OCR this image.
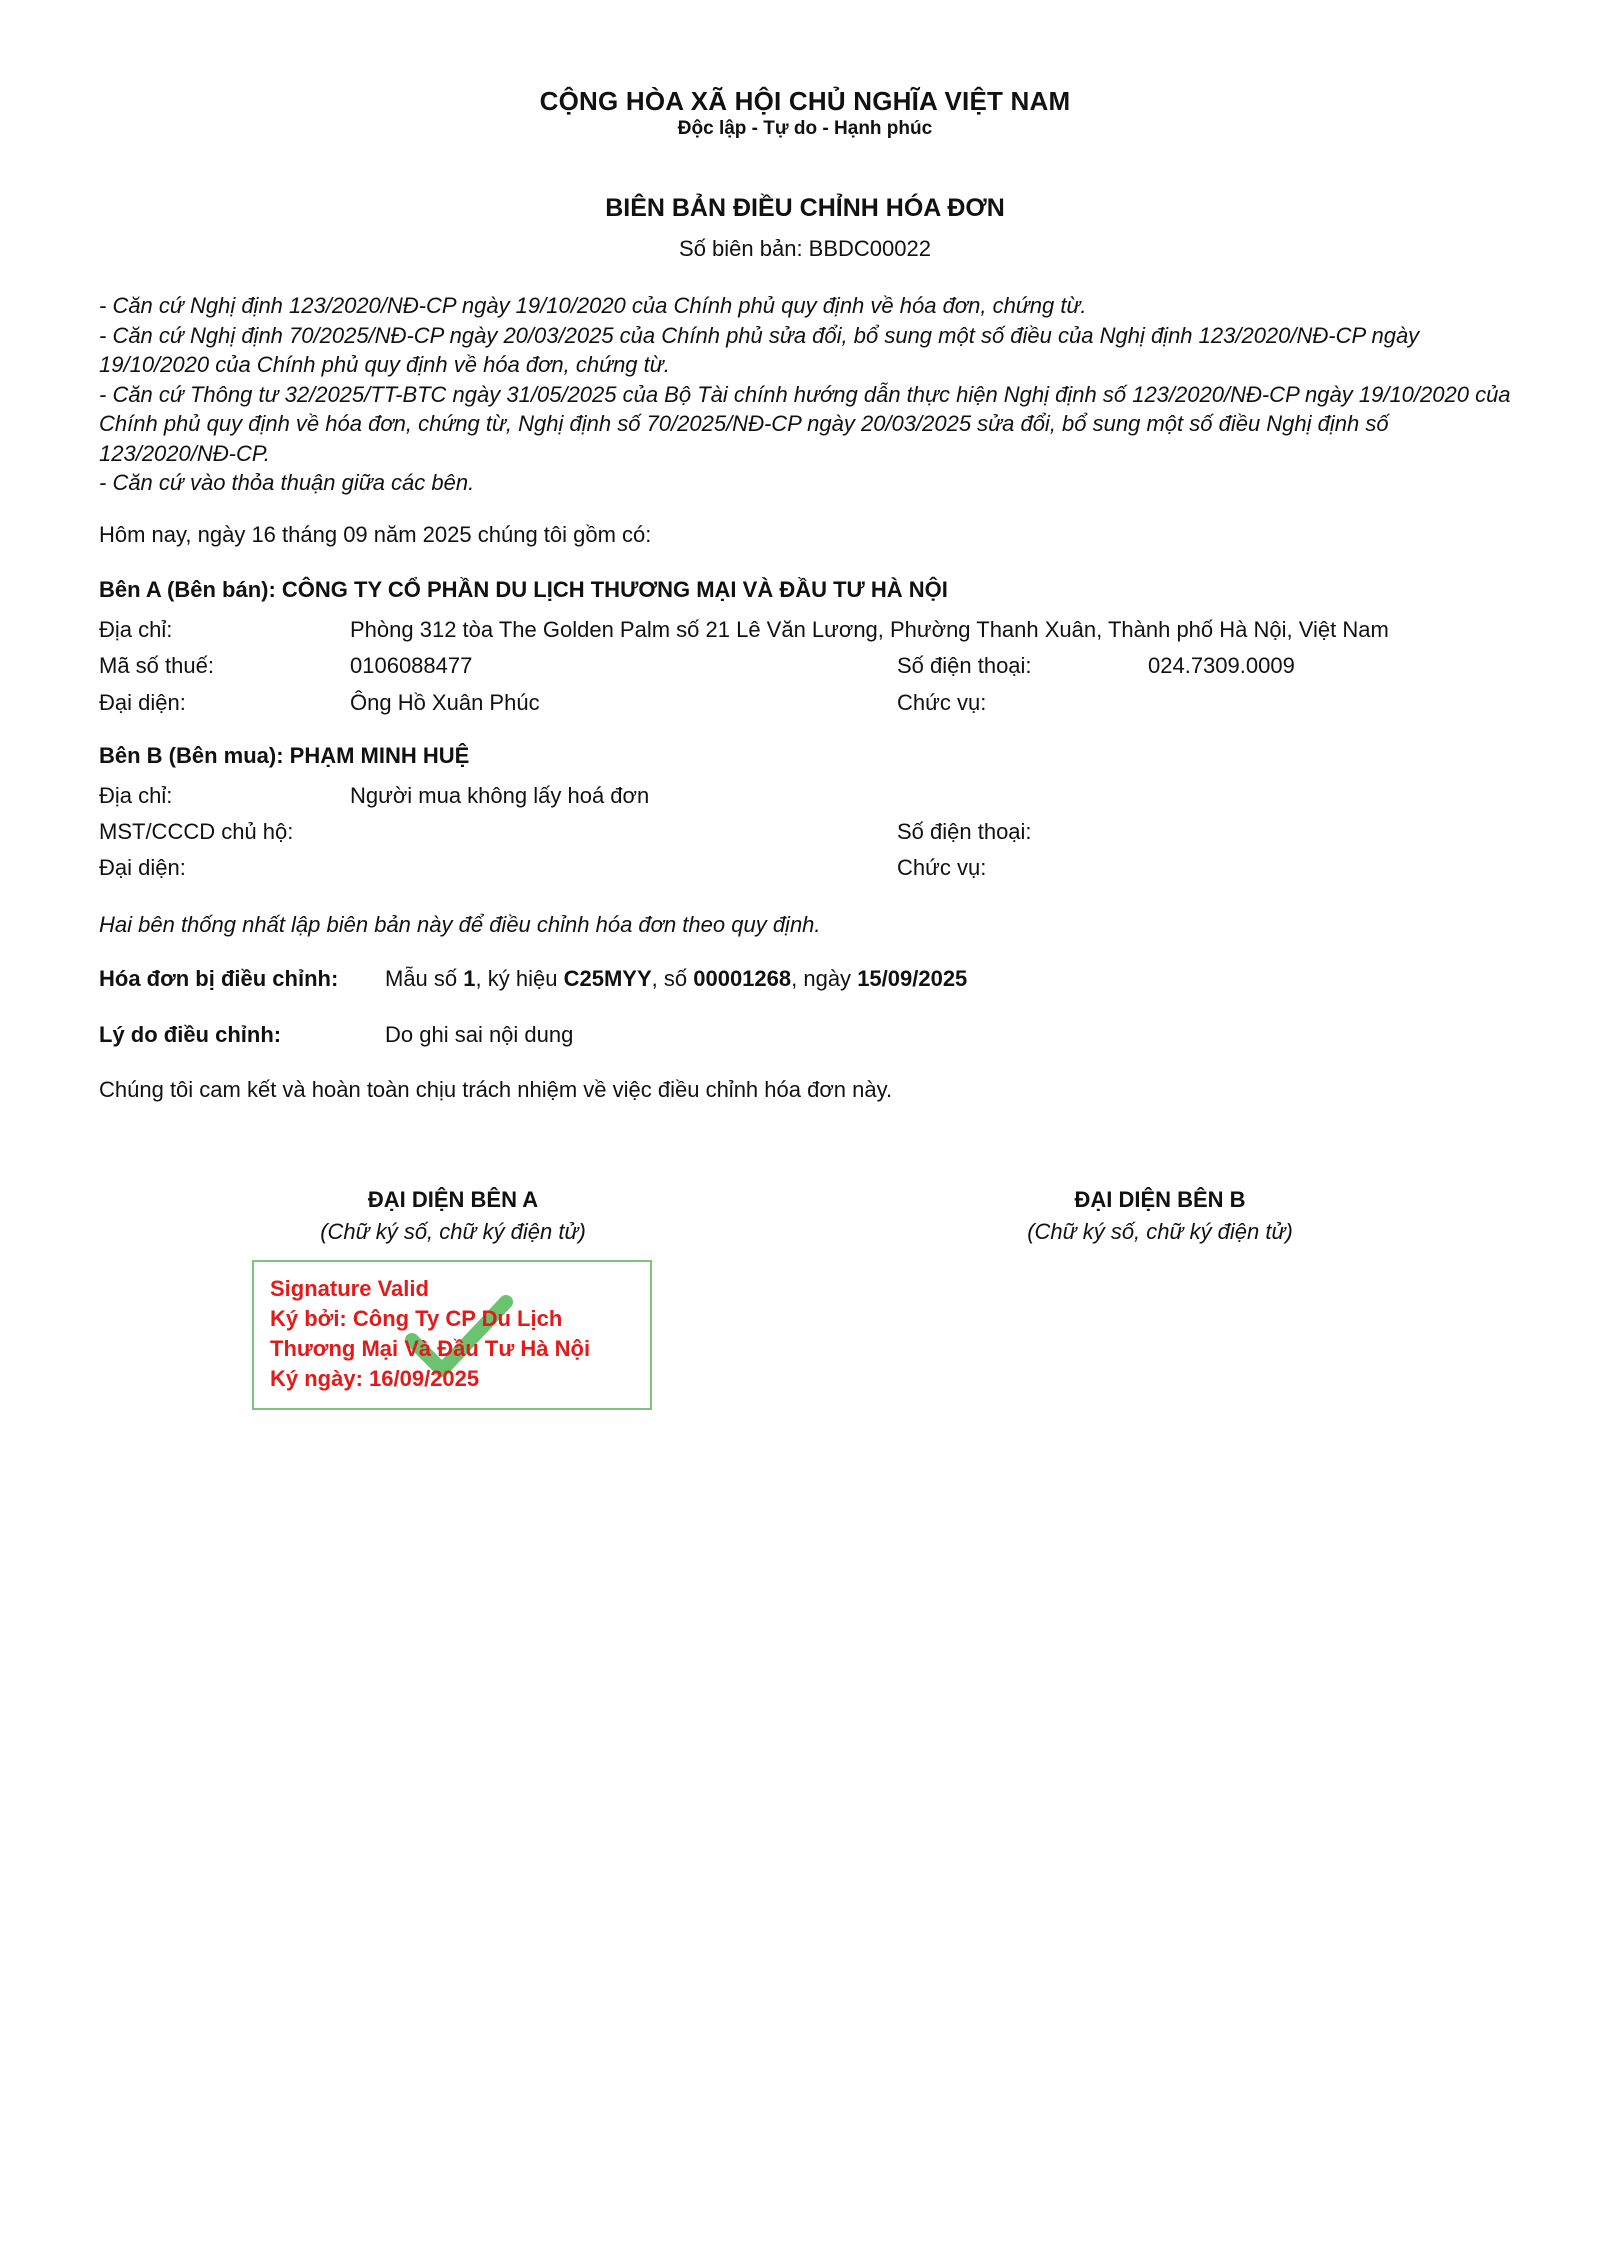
CỘNG HÒA XÃ HỘI CHỦ NGHĨA VIỆT NAM
Độc lập - Tự do - Hạnh phúc
BIÊN BẢN ĐIỀU CHỈNH HÓA ĐƠN
Số biên bản: BBDC00022
- Căn cứ Nghị định 123/2020/NĐ-CP ngày 19/10/2020 của Chính phủ quy định về hóa đơn, chứng từ.
- Căn cứ Nghị định 70/2025/NĐ-CP ngày 20/03/2025 của Chính phủ sửa đổi, bổ sung một số điều của Nghị định 123/2020/NĐ-CP ngày 19/10/2020 của Chính phủ quy định về hóa đơn, chứng từ.
- Căn cứ Thông tư 32/2025/TT-BTC ngày 31/05/2025 của Bộ Tài chính hướng dẫn thực hiện Nghị định số 123/2020/NĐ-CP ngày 19/10/2020 của Chính phủ quy định về hóa đơn, chứng từ, Nghị định số 70/2025/NĐ-CP ngày 20/03/2025 sửa đổi, bổ sung một số điều Nghị định số 123/2020/NĐ-CP.
- Căn cứ vào thỏa thuận giữa các bên.
Hôm nay, ngày 16 tháng 09 năm 2025 chúng tôi gồm có:
Bên A (Bên bán): CÔNG TY CỔ PHẦN DU LỊCH THƯƠNG MẠI VÀ ĐẦU TƯ HÀ NỘI
Địa chỉ:	Phòng 312 tòa The Golden Palm số 21 Lê Văn Lương, Phường Thanh Xuân, Thành phố Hà Nội, Việt Nam
Mã số thuế:	0106088477	Số điện thoại:	024.7309.0009
Đại diện:	Ông Hồ Xuân Phúc	Chức vụ:
Bên B (Bên mua): PHẠM MINH HUỆ
Địa chỉ:	Người mua không lấy hoá đơn
MST/CCCD chủ hộ:	Số điện thoại:
Đại diện:	Chức vụ:
Hai bên thống nhất lập biên bản này để điều chỉnh hóa đơn theo quy định.
Hóa đơn bị điều chỉnh: Mẫu số 1, ký hiệu C25MYY, số 00001268, ngày 15/09/2025
Lý do điều chỉnh:	Do ghi sai nội dung
Chúng tôi cam kết và hoàn toàn chịu trách nhiệm về việc điều chỉnh hóa đơn này.
ĐẠI DIỆN BÊN A
(Chữ ký số, chữ ký điện tử)
ĐẠI DIỆN BÊN B
(Chữ ký số, chữ ký điện tử)
Signature Valid
Ký bởi: Công Ty CP Du Lịch
Thương Mại Và Đầu Tư Hà Nội
Ký ngày: 16/09/2025
